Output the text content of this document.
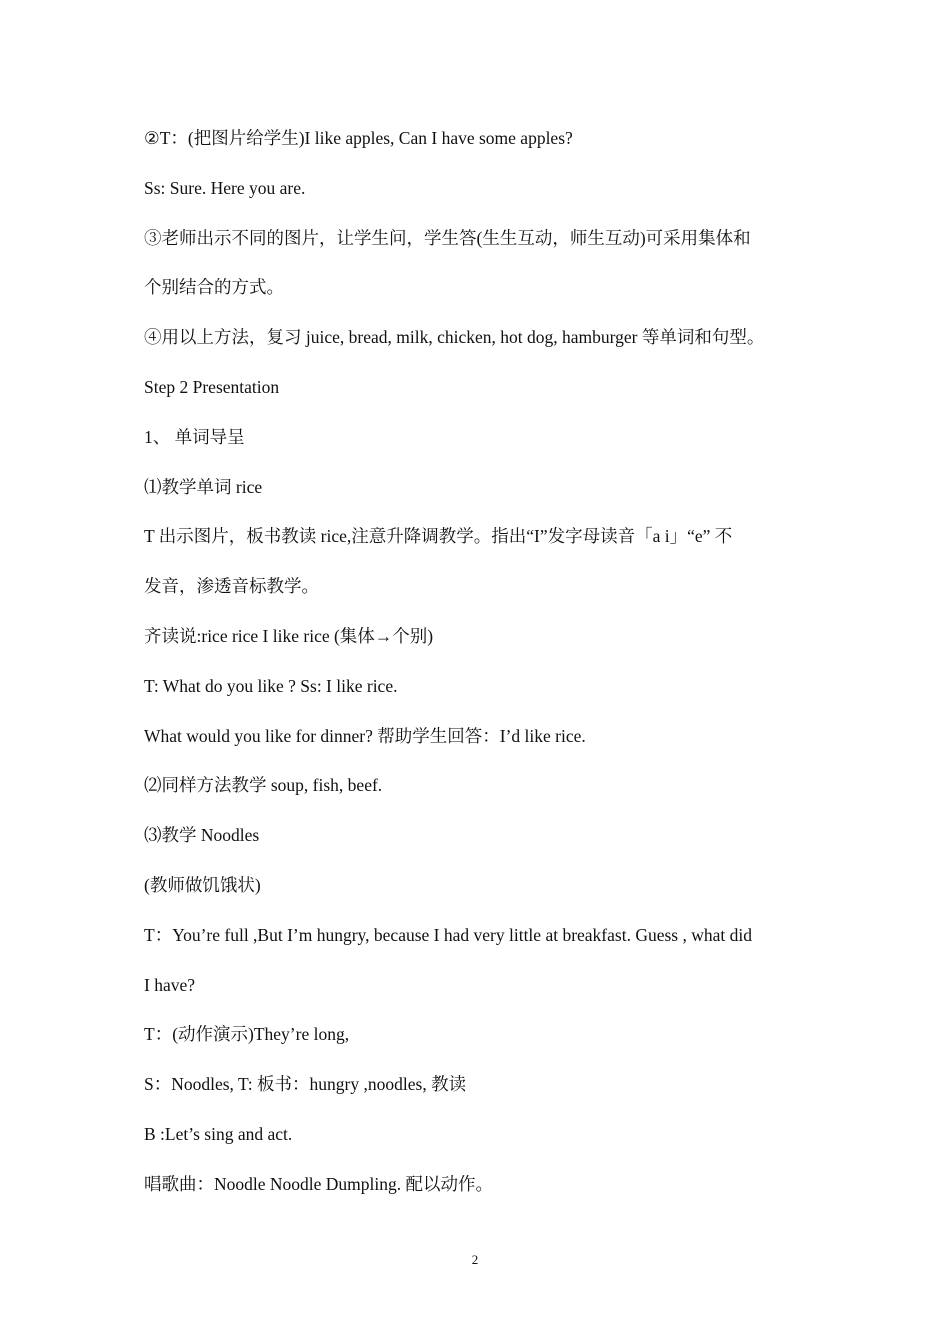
②T：(把图片给学生)I like apples, Can I have some apples?
Ss: Sure. Here you are.
③老师出示不同的图片，让学生问，学生答(生生互动，师生互动)可采用集体和
个别结合的方式。
④用以上方法，复习 juice, bread, milk, chicken, hot dog, hamburger 等单词和句型。
Step 2 Presentation
1、 单词导呈
⑴教学单词 rice
T 出示图片，板书教读 rice,注意升降调教学。指出“I”发字母读音「a i」“e” 不
发音，渗透音标教学。
齐读说:rice rice I like rice (集体→个别)
T: What do you like ? Ss: I like rice.
What would you like for dinner? 帮助学生回答：I’d like rice.
⑵同样方法教学 soup, fish, beef.
⑶教学 Noodles
(教师做饥饿状)
T：You’re full ,But I’m hungry, because I had very little at breakfast. Guess , what did
I have?
T：(动作演示)They’re long,
S：Noodles, T: 板书：hungry ,noodles, 教读
B :Let’s sing and act.
唱歌曲：Noodle Noodle Dumpling. 配以动作。
2
